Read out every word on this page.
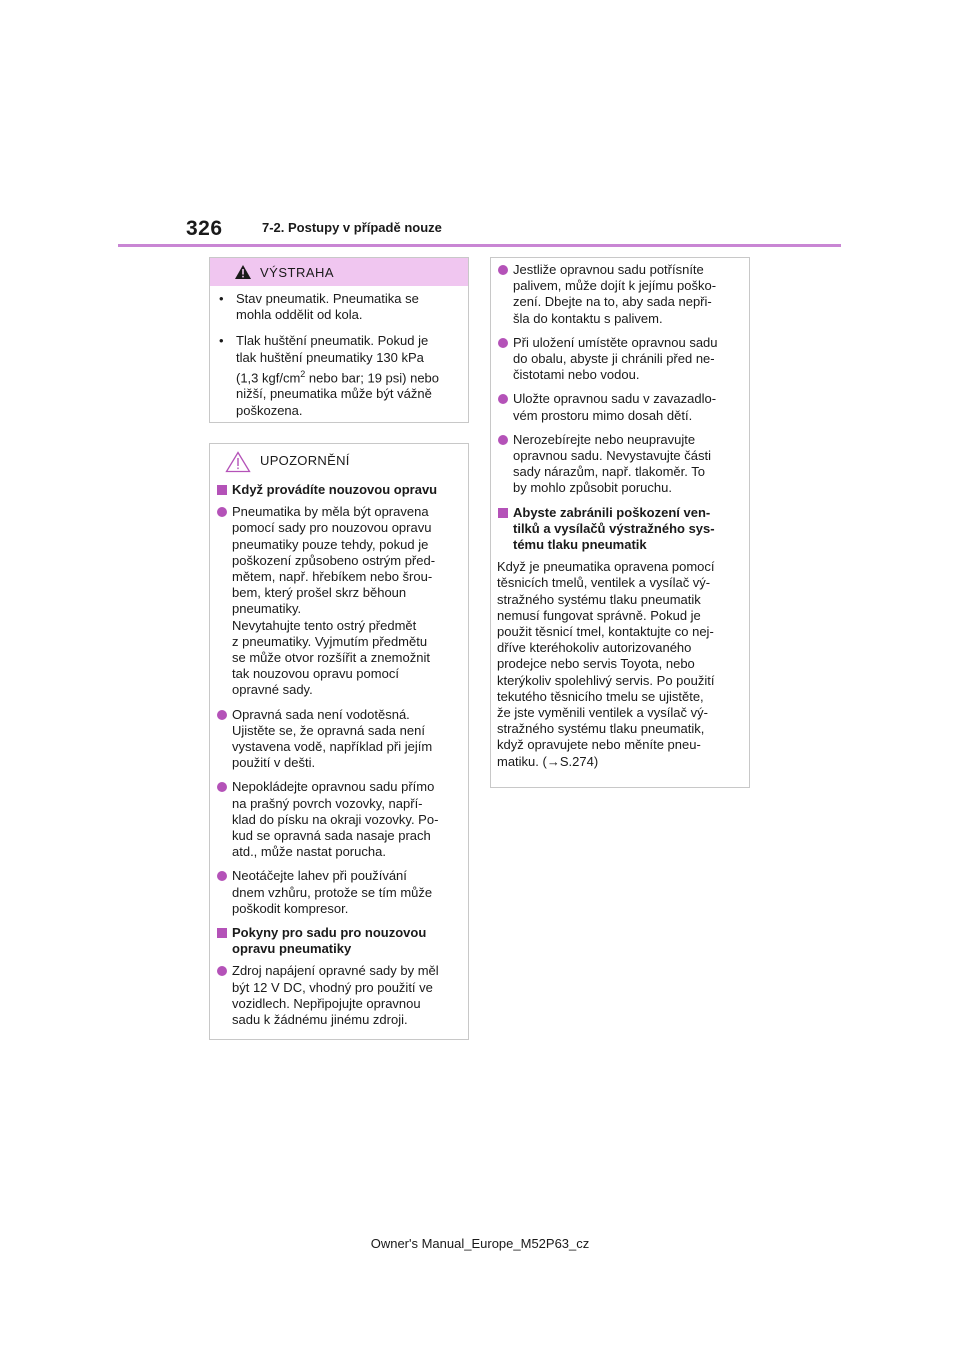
326	7-2. Postupy v případě nouze
VÝSTRAHA
• Stav pneumatik. Pneumatika se
mohla oddělit od kola.
• Tlak huštění pneumatik. Pokud je
tlak huštění pneumatiky 130 kPa
(1,3 kgf/$cm^2$ nebo bar; 19 psi) nebo
nižší, pneumatika může být vážně
poškozena.
UPOZORNĚNÍ
Když provádíte nouzovou opravu
Pneumatika by měla být opravena
pomocí sady pro nouzovou opravu
pneumatiky pouze tehdy, pokud je
poškození způsobeno ostrým před-
mětem, např. hřebíkem nebo šrou-
bem, který prošel skrz běhoun
pneumatiky.
Nevytahujte tento ostrý předmět
z pneumatiky. Vyjmutím předmětu
se může otvor rozšířit a znemožnit
tak nouzovou opravu pomocí
opravné sady.
Opravná sada není vodotěsná.
Ujistěte se, že opravná sada není
vystavena vodě, například při jejím
použití v dešti.
Nepokládejte opravnou sadu přímo
na prašný povrch vozovky, napří-
klad do písku na okraji vozovky. Po-
kud se opravná sada nasaje prach
atd., může nastat porucha.
Neotáčejte lahev při používání
dnem vzhůru, protože se tím může
poškodit kompresor.
Pokyny pro sadu pro nouzovou
opravu pneumatiky
Zdroj napájení opravné sady by měl
být 12 V DC, vhodný pro použití ve
vozidlech. Nepřipojujte opravnou
sadu k žádnému jinému zdroji.
Jestliže opravnou sadu potřísníte
palivem, může dojít k jejímu poško-
zení. Dbejte na to, aby sada nepři-
šla do kontaktu s palivem.
Při uložení umístěte opravnou sadu
do obalu, abyste ji chránili před ne-
čistotami nebo vodou.
Uložte opravnou sadu v zavazadlo-
vém prostoru mimo dosah dětí.
Nerozebírejte nebo neupravujte
opravnou sadu. Nevystavujte části
sady nárazům, např. tlakoměr. To
by mohlo způsobit poruchu.
Abyste zabránili poškození ven-
tilků a vysílačů výstražného sys-
tému tlaku pneumatik
Když je pneumatika opravena pomocí
těsnicích tmelů, ventilek a vysílač vý-
stražného systému tlaku pneumatik
nemusí fungovat správně. Pokud je
použit těsnicí tmel, kontaktujte co nej-
dříve kteréhokoliv autorizovaného
prodejce nebo servis Toyota, nebo
kterýkoliv spolehlivý servis. Po použití
tekutého těsnicího tmelu se ujistěte,
že jste vyměnili ventilek a vysílač vý-
stražného systému tlaku pneumatik,
když opravujete nebo měníte pneu-
matiku. (→S.274)
Owner's Manual_Europe_M52P63_cz
